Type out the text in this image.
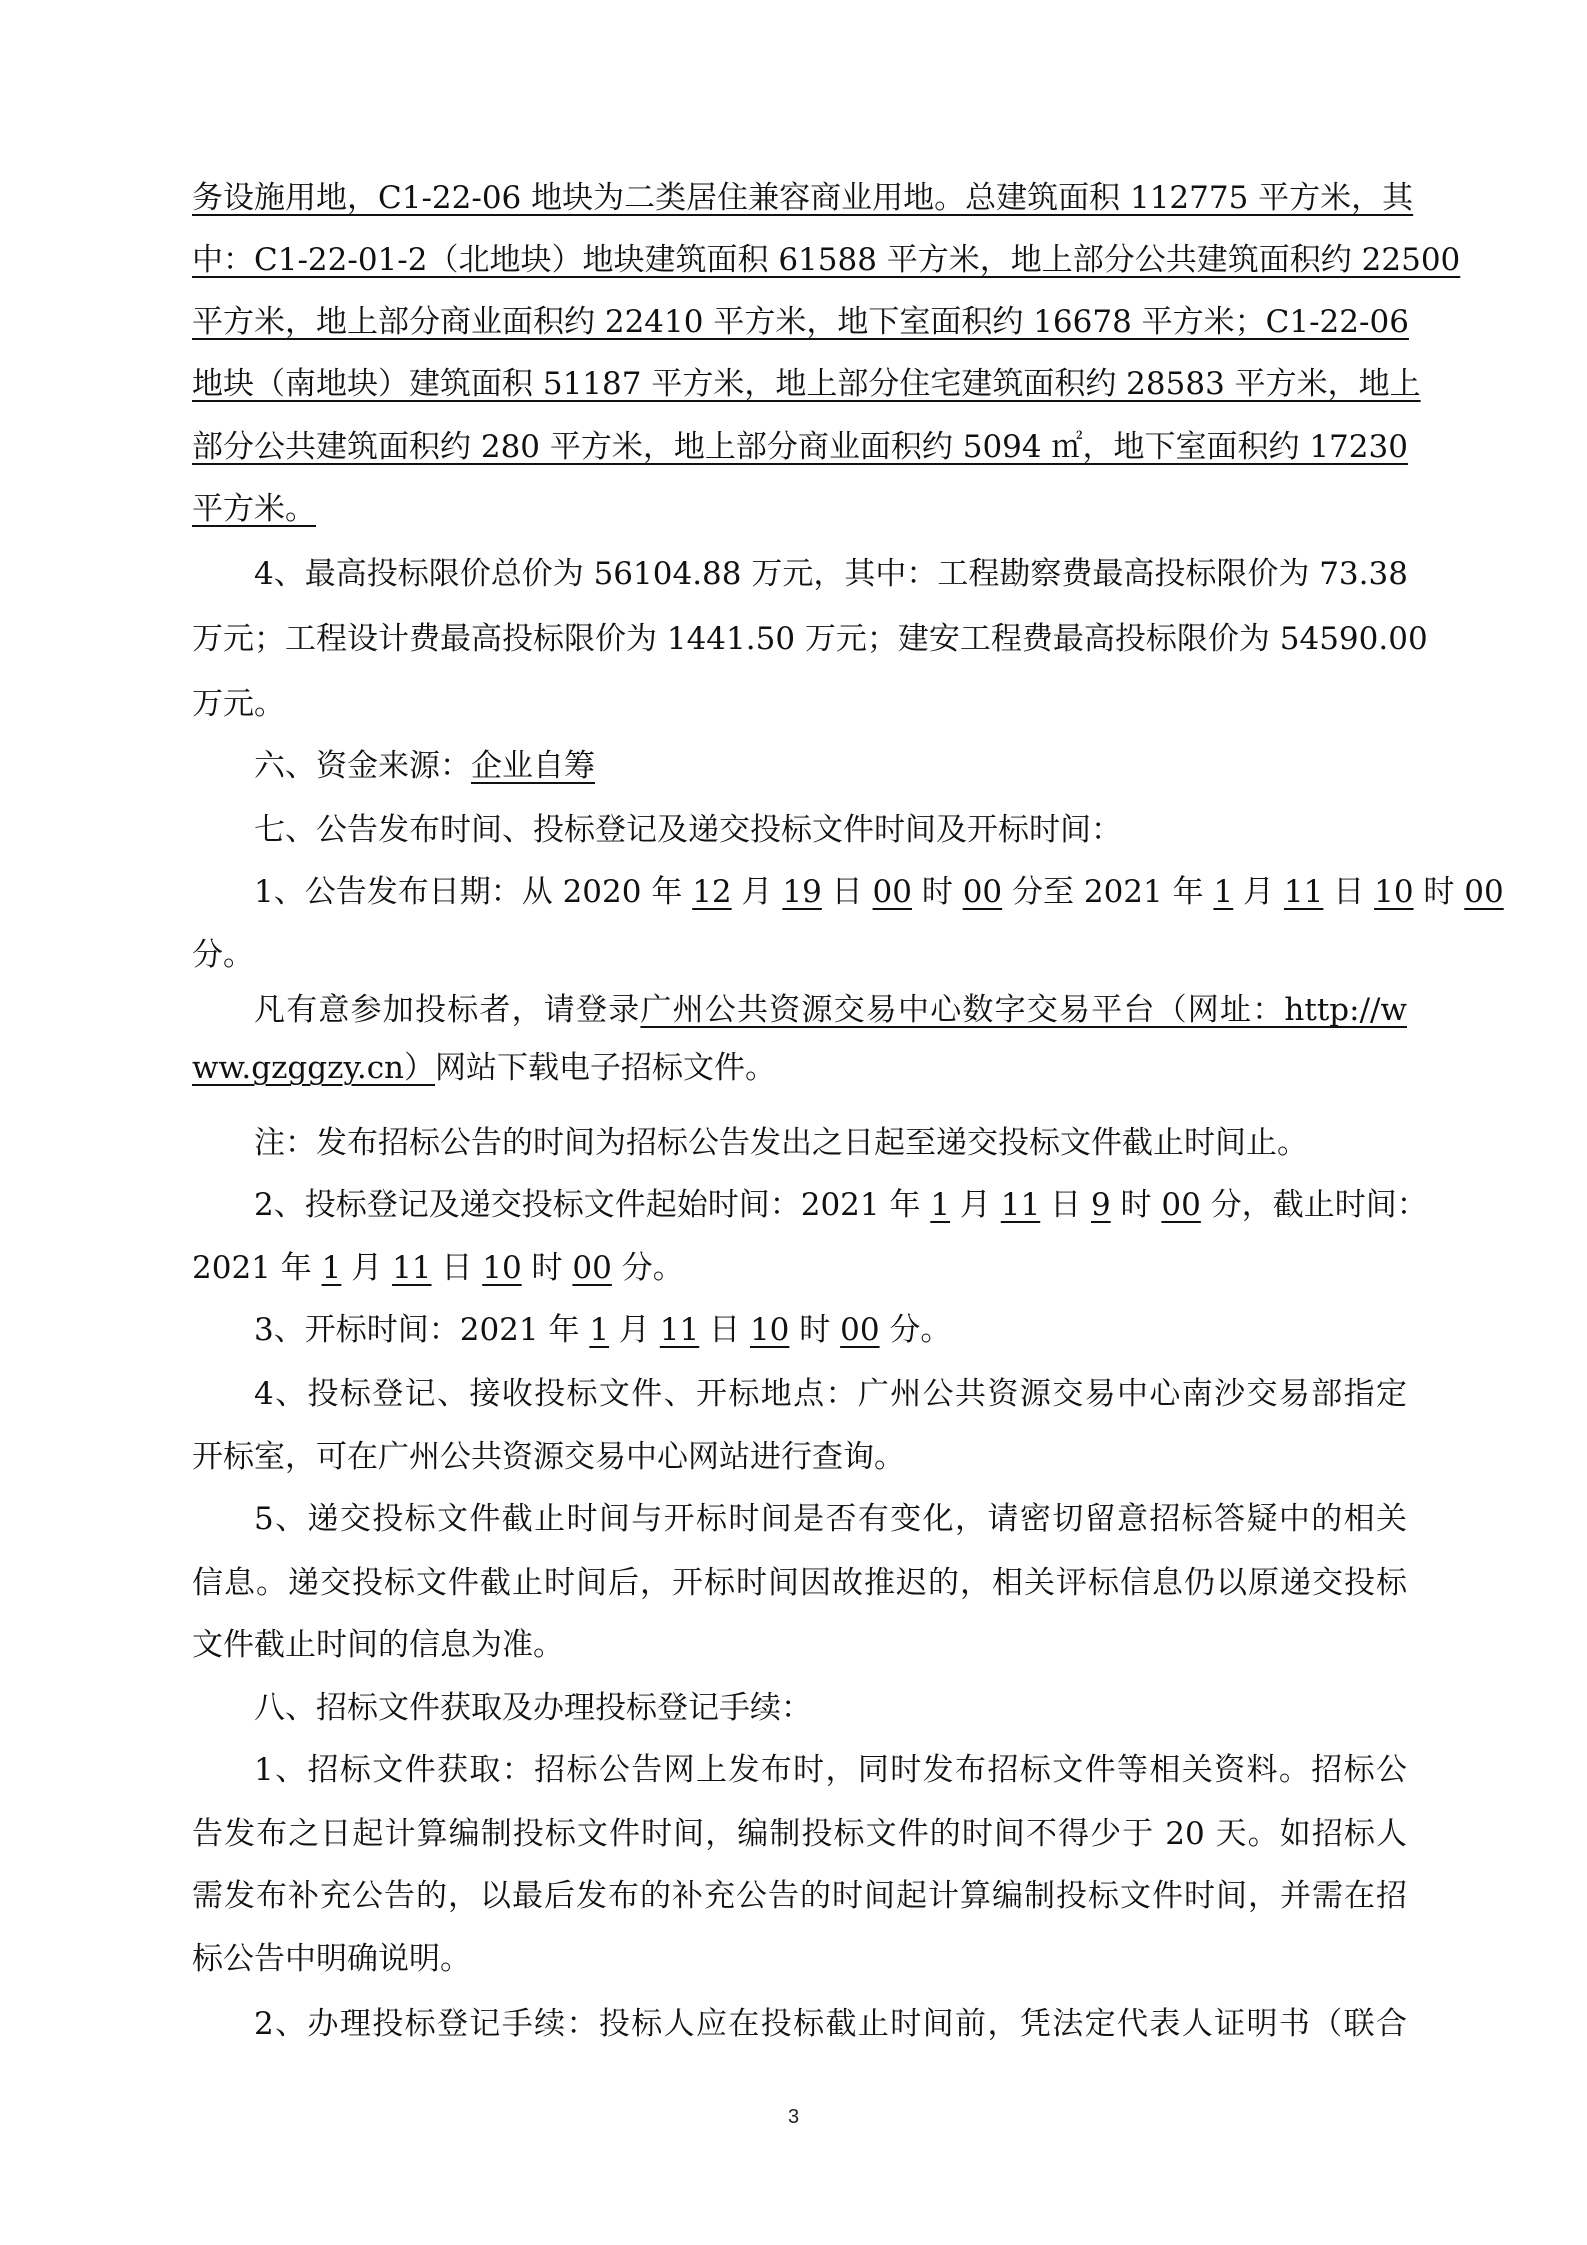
务设施用地，C1-22-06 地块为二类居住兼容商业用地。总建筑面积 112775 平方米，其
中：C1-22-01-2（北地块）地块建筑面积 61588 平方米，地上部分公共建筑面积约 22500
平方米，地上部分商业面积约 22410 平方米，地下室面积约 16678 平方米；C1-22-06
地块（南地块）建筑面积 51187 平方米，地上部分住宅建筑面积约 28583 平方米，地上
部分公共建筑面积约 280 平方米，地上部分商业面积约 5094 ㎡，地下室面积约 17230
平方米。
4、最高投标限价总价为 56104.88 万元，其中：工程勘察费最高投标限价为 73.38
万元；工程设计费最高投标限价为 1441.50 万元；建安工程费最高投标限价为 54590.00
万元。
六、资金来源：企业自筹
七、公告发布时间、投标登记及递交投标文件时间及开标时间：
1、公告发布日期：从 2020 年 12 月 19 日 00 时 00 分至 2021 年 1 月 11 日 10 时 00
分。
凡有意参加投标者，请登录广州公共资源交易中心数字交易平台（网址：http://w
ww.gzggzy.cn）网站下载电子招标文件。
注：发布招标公告的时间为招标公告发出之日起至递交投标文件截止时间止。
2、投标登记及递交投标文件起始时间：2021 年 1 月 11 日 9 时 00 分，截止时间：
2021 年 1 月 11 日 10 时 00 分。
3、开标时间：2021 年 1 月 11 日 10 时 00 分。
4、投标登记、接收投标文件、开标地点：广州公共资源交易中心南沙交易部指定
开标室，可在广州公共资源交易中心网站进行查询。
5、递交投标文件截止时间与开标时间是否有变化，请密切留意招标答疑中的相关
信息。递交投标文件截止时间后，开标时间因故推迟的，相关评标信息仍以原递交投标
文件截止时间的信息为准。
八、招标文件获取及办理投标登记手续：
1、招标文件获取：招标公告网上发布时，同时发布招标文件等相关资料。招标公
告发布之日起计算编制投标文件时间，编制投标文件的时间不得少于 20 天。如招标人
需发布补充公告的，以最后发布的补充公告的时间起计算编制投标文件时间，并需在招
标公告中明确说明。
2、办理投标登记手续：投标人应在投标截止时间前，凭法定代表人证明书（联合
3
